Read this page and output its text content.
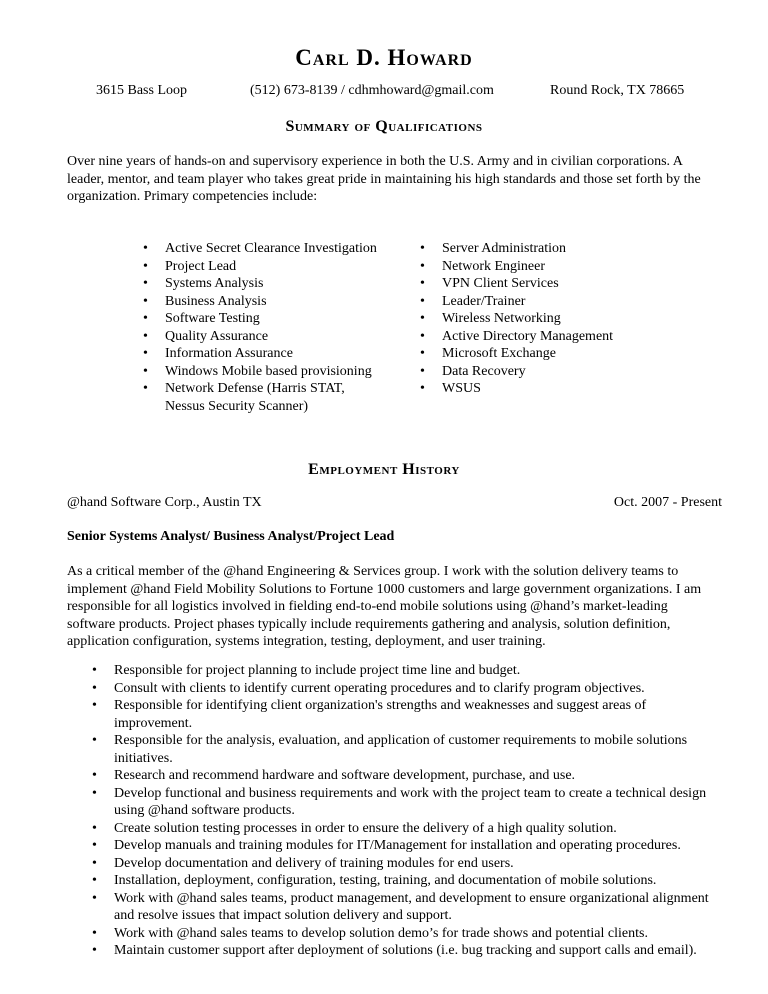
Carl D. Howard
3615 Bass Loop	(512) 673-8139 / cdhmhoward@gmail.com	Round Rock, TX 78665
Summary of Qualifications

Over nine years of hands-on and supervisory experience in both the U.S. Army and in civilian corporations. A leader, mentor, and team player who takes great pride in maintaining his high standards and those set forth by the organization. Primary competencies include:

• Active Secret Clearance Investigation
• Project Lead
• Systems Analysis
• Business Analysis
• Software Testing
• Quality Assurance
• Information Assurance
• Windows Mobile based provisioning
• Network Defense (Harris STAT, Nessus Security Scanner)
• Server Administration
• Network Engineer
• VPN Client Services
• Leader/Trainer
• Wireless Networking
• Active Directory Management
• Microsoft Exchange
• Data Recovery
• WSUS
Employment History
@hand Software Corp., Austin TX	Oct. 2007 - Present
Senior Systems Analyst/ Business Analyst/Project Lead

As a critical member of the @hand Engineering & Services group. I work with the solution delivery teams to implement @hand Field Mobility Solutions to Fortune 1000 customers and large government organizations. I am responsible for all logistics involved in fielding end-to-end mobile solutions using @hand’s market-leading software products. Project phases typically include requirements gathering and analysis, solution definition, application configuration, systems integration, testing, deployment, and user training.

• Responsible for project planning to include project time line and budget.
• Consult with clients to identify current operating procedures and to clarify program objectives.
• Responsible for identifying client organization's strengths and weaknesses and suggest areas of improvement.
• Responsible for the analysis, evaluation, and application of customer requirements to mobile solutions initiatives.
• Research and recommend hardware and software development, purchase, and use.
• Develop functional and business requirements and work with the project team to create a technical design using @hand software products.
• Create solution testing processes in order to ensure the delivery of a high quality solution.
• Develop manuals and training modules for IT/Management for installation and operating procedures.
• Develop documentation and delivery of training modules for end users.
• Installation, deployment, configuration, testing, training, and documentation of mobile solutions.
• Work with @hand sales teams, product management, and development to ensure organizational alignment and resolve issues that impact solution delivery and support.
• Work with @hand sales teams to develop solution demo’s for trade shows and potential clients.
• Maintain customer support after deployment of solutions (i.e. bug tracking and support calls and email).
